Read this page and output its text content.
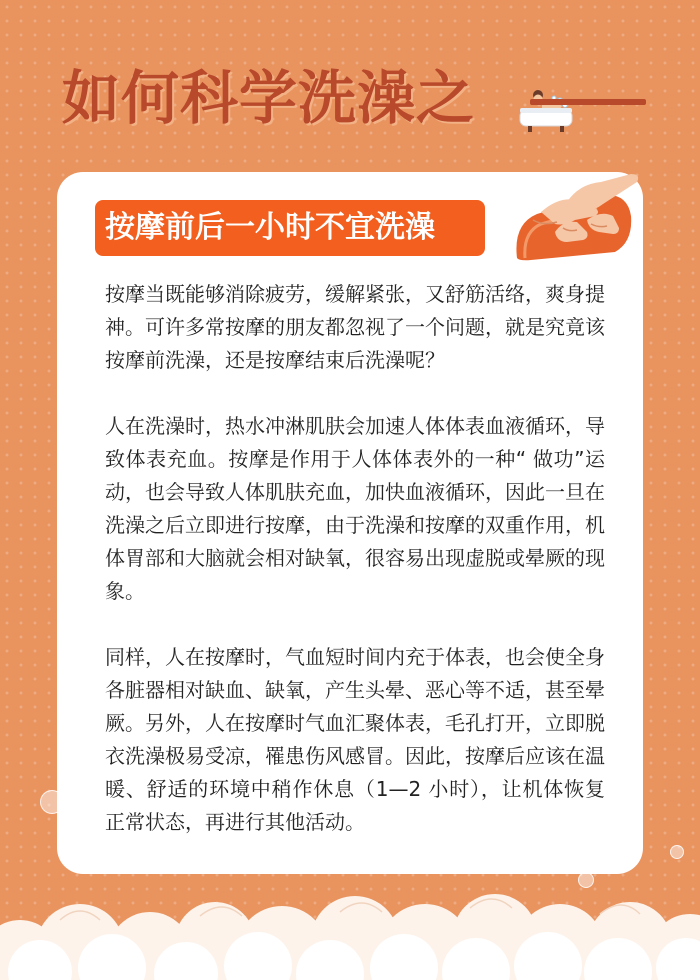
如何科学洗澡之
按摩前后一小时不宜洗澡

按摩当既能够消除疲劳，缓解紧张，又舒筋活络，爽身提神。可许多常按摩的朋友都忽视了一个问题，就是究竟该按摩前洗澡，还是按摩结束后洗澡呢？

人在洗澡时，热水冲淋肌肤会加速人体体表血液循环，导致体表充血。按摩是作用于人体体表外的一种“ 做功”运动，也会导致人体肌肤充血，加快血液循环，因此一旦在洗澡之后立即进行按摩，由于洗澡和按摩的双重作用，机体胃部和大脑就会相对缺氧，很容易出现虚脱或晕厥的现象。

同样，人在按摩时，气血短时间内充于体表，也会使全身各脏器相对缺血、缺氧，产生头晕、恶心等不适，甚至晕厥。另外，人在按摩时气血汇聚体表，毛孔打开，立即脱衣洗澡极易受凉，罹患伤风感冒。因此，按摩后应该在温暖、舒适的环境中稍作休息（1—2 小时），让机体恢复正常状态，再进行其他活动。
